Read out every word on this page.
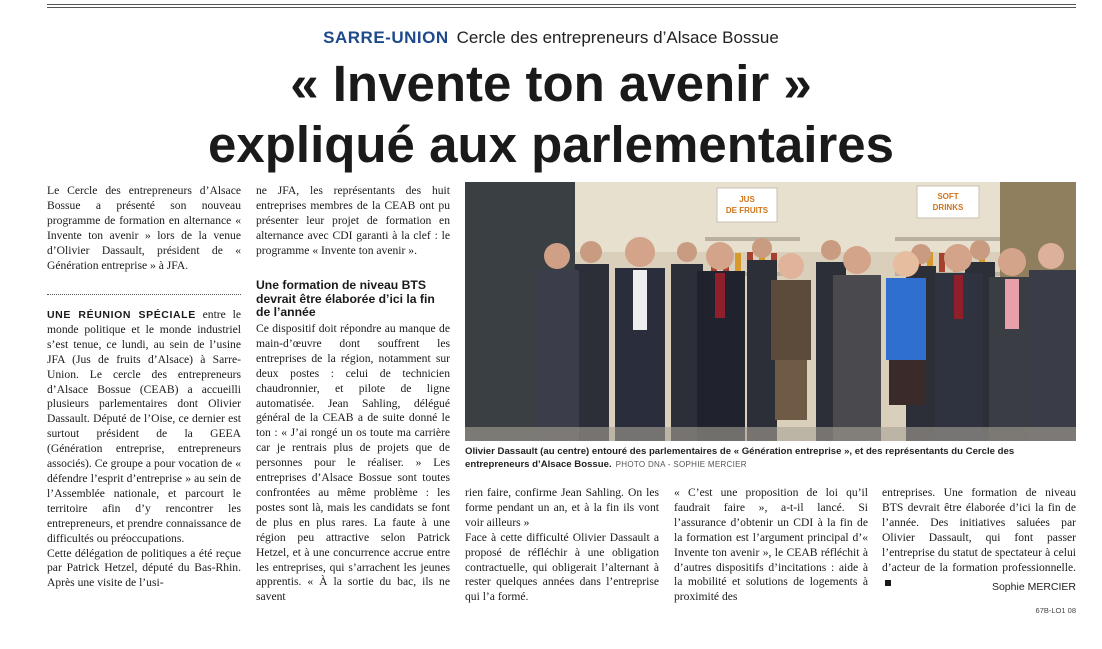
SARRE-UNION Cercle des entrepreneurs d’Alsace Bossue
« Invente ton avenir »
expliqué aux parlementaires

Le Cercle des entrepreneurs d’Alsace Bossue a présenté son nouveau programme de formation en alternance « Invente ton avenir » lors de la venue d’Olivier Dassault, président de « Génération entreprise » à JFA.

UNE RÉUNION SPÉCIALE entre le monde politique et le monde industriel s’est tenue, ce lundi, au sein de l’usine JFA (Jus de fruits d’Alsace) à Sarre-Union. Le cercle des entrepreneurs d’Alsace Bossue (CEAB) a accueilli plusieurs parlementaires dont Olivier Dassault. Député de l’Oise, ce dernier est surtout président de la GEEA (Génération entreprise, entrepreneurs associés). Ce groupe a pour vocation de « défendre l’esprit d’entreprise » au sein de l’Assemblée nationale, et parcourt le territoire afin d’y rencontrer les entrepreneurs, et prendre connaissance de difficultés ou préoccupations.

Cette délégation de politiques a été reçue par Patrick Hetzel, député du Bas-Rhin. Après une visite de l’usi-

ne JFA, les représentants des huit entreprises membres de la CEAB ont pu présenter leur projet de formation en alternance avec CDI garanti à la clef : le programme « Invente ton avenir ».

Une formation de niveau BTS devrait être élaborée d’ici la fin de l’année

Ce dispositif doit répondre au manque de main-d’œuvre dont souffrent les entreprises de la région, notamment sur deux postes : celui de technicien chaudronnier, et pilote de ligne automatisée. Jean Sahling, délégué général de la CEAB a de suite donné le ton : « J’ai rongé un os toute ma carrière car je rentrais plus de projets que de personnes pour le réaliser. » Les entreprises d’Alsace Bossue sont toutes confrontées au même problème : les postes sont là, mais les candidats se font de plus en plus rares. La faute à une région peu attractive selon Patrick Hetzel, et à une concurrence accrue entre les entreprises, qui s’arrachent les jeunes apprentis. « À la sortie du bac, ils ne savent

JUS
DE FRUITS
SOFT
DRINKS
Olivier Dassault (au centre) entouré des parlementaires de « Génération entreprise », et des représentants du Cercle des entrepreneurs d’Alsace Bossue. PHOTO DNA - SOPHIE MERCIER

rien faire, confirme Jean Sahling. On les forme pendant un an, et à la fin ils vont voir ailleurs »

Face à cette difficulté Olivier Dassault a proposé de réfléchir à une obligation contractuelle, qui obligerait l’alternant à rester quelques années dans l’entreprise qui l’a formé.

« C’est une proposition de loi qu’il faudrait faire », a-t-il lancé. Si l’assurance d’obtenir un CDI à la fin de la formation est l’argument principal d’« Invente ton avenir », le CEAB réfléchit à d’autres dispositifs d’incitations : aide à la mobilité et solutions de logements à proximité des

entreprises. Une formation de niveau BTS devrait être élaborée d’ici la fin de l’année. Des initiatives saluées par Olivier Dassault, qui font passer l’entreprise du statut de spectateur à celui d’acteur de la formation professionnelle.

Sophie MERCIER
67B-LO1 08
